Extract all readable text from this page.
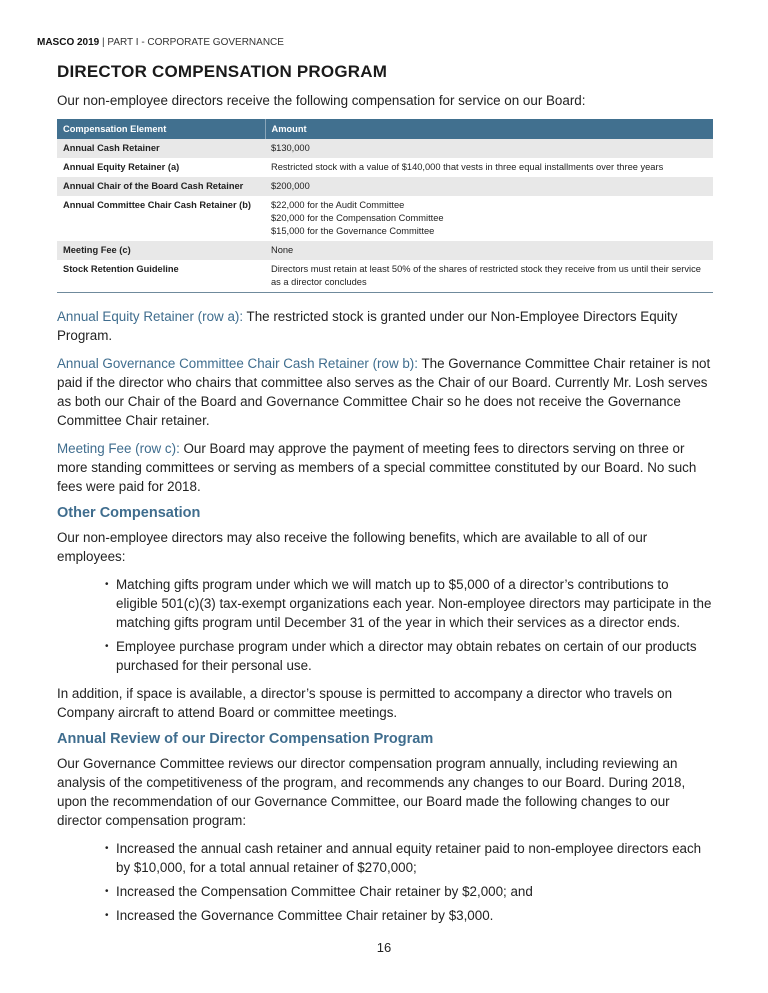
MASCO 2019 | PART I - CORPORATE GOVERNANCE
DIRECTOR COMPENSATION PROGRAM

Our non-employee directors receive the following compensation for service on our Board:

Compensation Element	Amount
Annual Cash Retainer	$130,000

Annual Equity Retainer (a)	Restricted stock with a value of $140,000 that vests in three equal installments over three years

Annual Chair of the Board Cash Retainer	$200,000

Annual Committee Chair Cash Retainer (b)	$22,000 for the Audit Committee
$20,000 for the Compensation Committee
$15,000 for the Governance Committee

Meeting Fee (c)	None

Stock Retention Guideline	Directors must retain at least 50% of the shares of restricted stock they receive from us until their service as a director concludes

Annual Equity Retainer (row a): The restricted stock is granted under our Non-Employee Directors Equity Program.

Annual Governance Committee Chair Cash Retainer (row b): The Governance Committee Chair retainer is not paid if the director who chairs that committee also serves as the Chair of our Board. Currently Mr. Losh serves as both our Chair of the Board and Governance Committee Chair so he does not receive the Governance Committee Chair retainer.

Meeting Fee (row c): Our Board may approve the payment of meeting fees to directors serving on three or more standing committees or serving as members of a special committee constituted by our Board. No such fees were paid for 2018.

Other Compensation

Our non-employee directors may also receive the following benefits, which are available to all of our employees:

• Matching gifts program under which we will match up to $5,000 of a director’s contributions to eligible 501(c)(3) tax-exempt organizations each year. Non-employee directors may participate in the matching gifts program until December 31 of the year in which their services as a director ends.
• Employee purchase program under which a director may obtain rebates on certain of our products purchased for their personal use.

In addition, if space is available, a director’s spouse is permitted to accompany a director who travels on Company aircraft to attend Board or committee meetings.

Annual Review of our Director Compensation Program

Our Governance Committee reviews our director compensation program annually, including reviewing an analysis of the competitiveness of the program, and recommends any changes to our Board. During 2018, upon the recommendation of our Governance Committee, our Board made the following changes to our director compensation program:

• Increased the annual cash retainer and annual equity retainer paid to non-employee directors each by $10,000, for a total annual retainer of $270,000;
• Increased the Compensation Committee Chair retainer by $2,000; and
• Increased the Governance Committee Chair retainer by $3,000.
16
